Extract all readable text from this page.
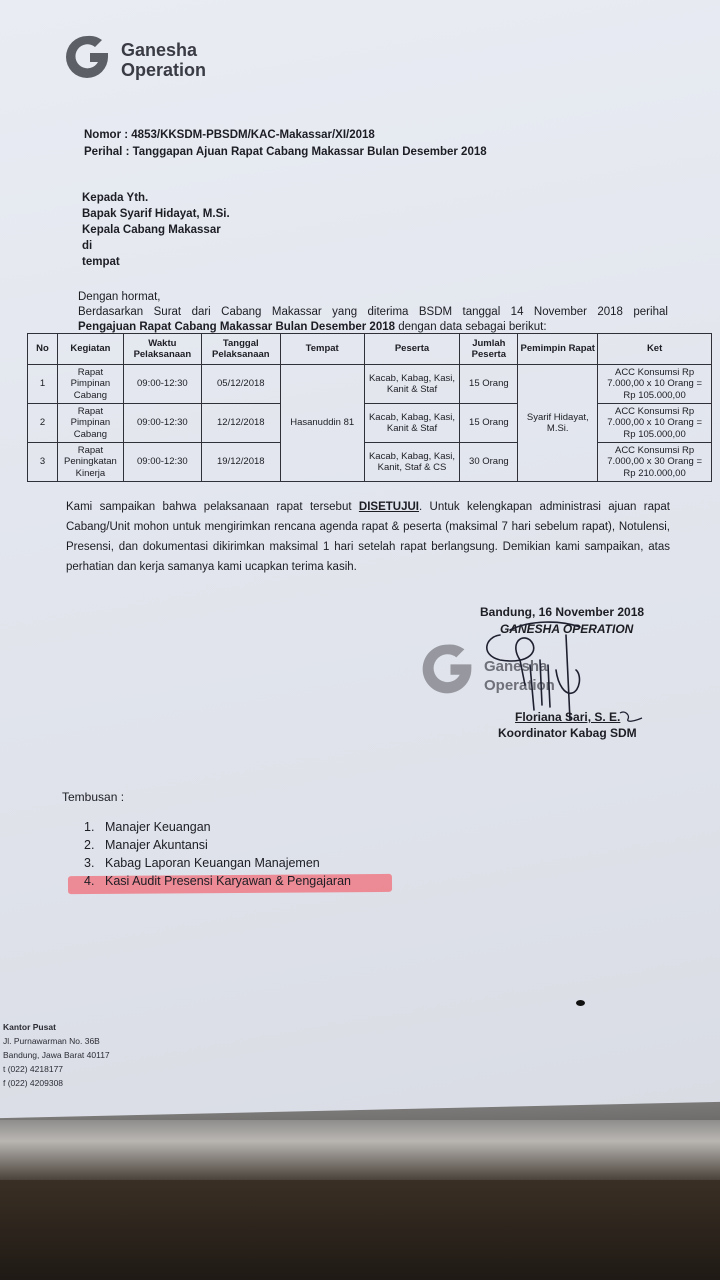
Ganesha
Operation
Nomor : 4853/KKSDM-PBSDM/KAC-Makassar/XI/2018
Perihal : Tanggapan Ajuan Rapat Cabang Makassar Bulan Desember 2018
Kepada Yth.
Bapak Syarif Hidayat, M.Si.
Kepala Cabang Makassar
di
tempat
Dengan hormat,
Berdasarkan Surat dari Cabang Makassar yang diterima BSDM tanggal 14 November 2018 perihal
Pengajuan Rapat Cabang Makassar Bulan Desember 2018 dengan data sebagai berikut:
No	Kegiatan	Waktu Pelaksanaan	Tanggal Pelaksanaan	Tempat	Peserta	Jumlah Peserta	Pemimpin Rapat	Ket
1	Rapat Pimpinan Cabang	09:00-12:30	05/12/2018	Hasanuddin 81	Kacab, Kabag, Kasi, Kanit & Staf	15 Orang	Syarif Hidayat, M.Si.	ACC Konsumsi Rp 7.000,00 x 10 Orang = Rp 105.000,00
2	Rapat Pimpinan Cabang	09:00-12:30	12/12/2018		Kacab, Kabag, Kasi, Kanit & Staf	15 Orang		ACC Konsumsi Rp 7.000,00 x 10 Orang = Rp 105.000,00
3	Rapat Peningkatan Kinerja	09:00-12:30	19/12/2018		Kacab, Kabag, Kasi, Kanit, Staf & CS	30 Orang		ACC Konsumsi Rp 7.000,00 x 30 Orang = Rp 210.000,00
Kami sampaikan bahwa pelaksanaan rapat tersebut DISETUJUI. Untuk kelengkapan administrasi ajuan rapat Cabang/Unit mohon untuk mengirimkan rencana agenda rapat & peserta (maksimal 7 hari sebelum rapat), Notulensi, Presensi, dan dokumentasi dikirimkan maksimal 1 hari setelah rapat berlangsung. Demikian kami sampaikan, atas perhatian dan kerja samanya kami ucapkan terima kasih.
Bandung, 16 November 2018
GANESHA OPERATION
Ganesha
Operation
Floriana Sari, S. E.
Koordinator Kabag SDM
Tembusan :
1. Manajer Keuangan
2. Manajer Akuntansi
3. Kabag Laporan Keuangan Manajemen
4. Kasi Audit Presensi Karyawan & Pengajaran
Kantor Pusat
Jl. Purnawarman No. 36B
Bandung, Jawa Barat 40117
t (022) 4218177
f (022) 4209308
